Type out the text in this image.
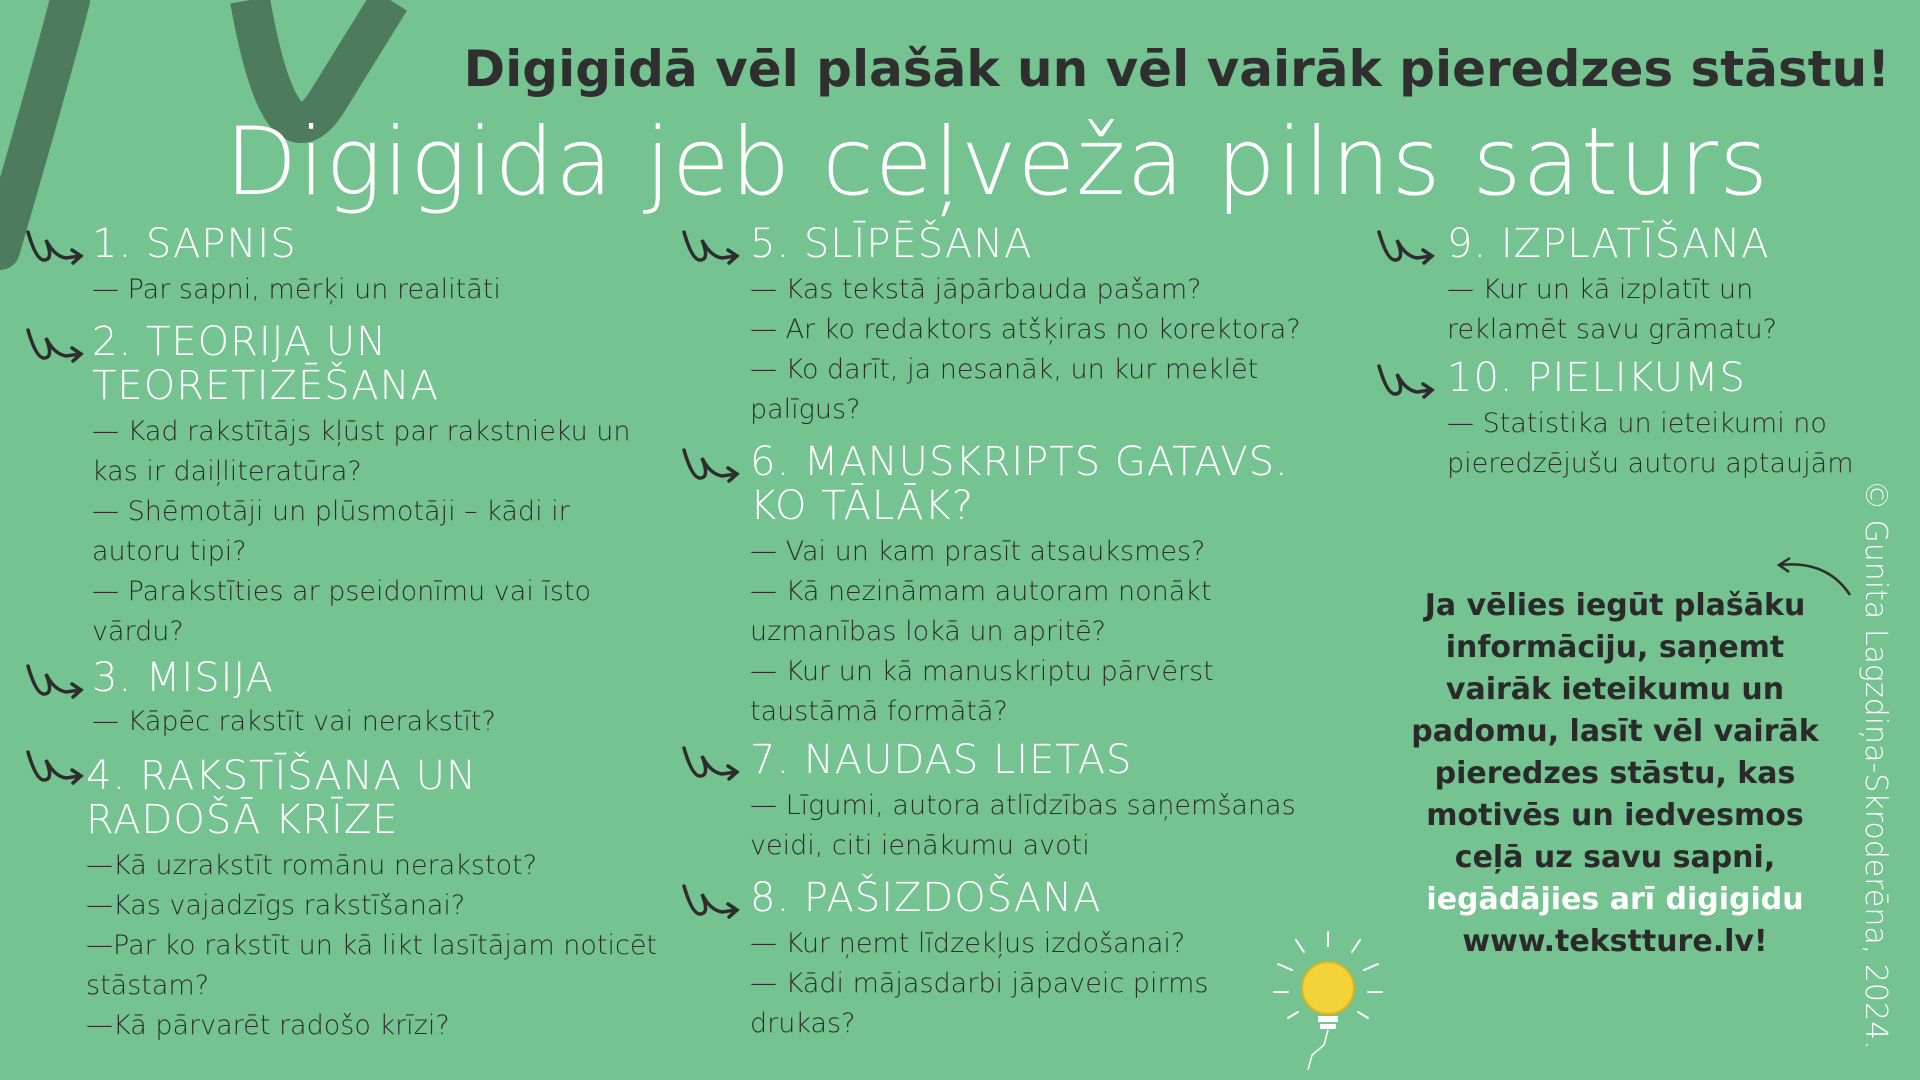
Digigidā vēl plašāk un vēl vairāk pieredzes stāstu!
Digigida jeb ceļveža pilns saturs
1. SAPNIS
— Par sapni, mērķi un realitāti
2. TEORIJA UN TEORETIZĒŠANA
— Kad rakstītājs kļūst par rakstnieku un kas ir daiļliteratūra?
— Shēmotāji un plūsmotāji – kādi ir autoru tipi?
— Parakstīties ar pseidonīmu vai īsto vārdu?
3. MISIJA
— Kāpēc rakstīt vai nerakstīt?
4. RAKSTĪŠANA UN RADOŠĀ KRĪZE
—Kā uzrakstīt romānu nerakstot?
—Kas vajadzīgs rakstīšanai?
—Par ko rakstīt un kā likt lasītājam noticēt stāstam?
—Kā pārvarēt radošo krīzi?
5. SLĪPĒŠANA
— Kas tekstā jāpārbauda pašam?
— Ar ko redaktors atšķiras no korektora?
— Ko darīt, ja nesanāk, un kur meklēt palīgus?
6. MANUSKRIPTS GATAVS. KO TĀLĀK?
— Vai un kam prasīt atsauksmes?
— Kā nezināmam autoram nonākt uzmanības lokā un apritē?
— Kur un kā manuskriptu pārvērst taustāmā formātā?
7. NAUDAS LIETAS
— Līgumi, autora atlīdzības saņemšanas veidi, citi ienākumu avoti
8. PAŠIZDOŠANA
— Kur ņemt līdzekļus izdošanai?
— Kādi mājasdarbi jāpaveic pirms drukas?
9. IZPLATĪŠANA
— Kur un kā izplatīt un reklamēt savu grāmatu?
10. PIELIKUMS
— Statistika un ieteikumi no pieredzējušu autoru aptaujām
Ja vēlies iegūt plašāku informāciju, saņemt vairāk ieteikumu un padomu, lasīt vēl vairāk pieredzes stāstu, kas motivēs un iedvesmos ceļā uz savu sapni, iegādājies arī digigidu
www.tekstture.lv!	© Gunita Lagzdiņa-Skroderēna, 2024.
